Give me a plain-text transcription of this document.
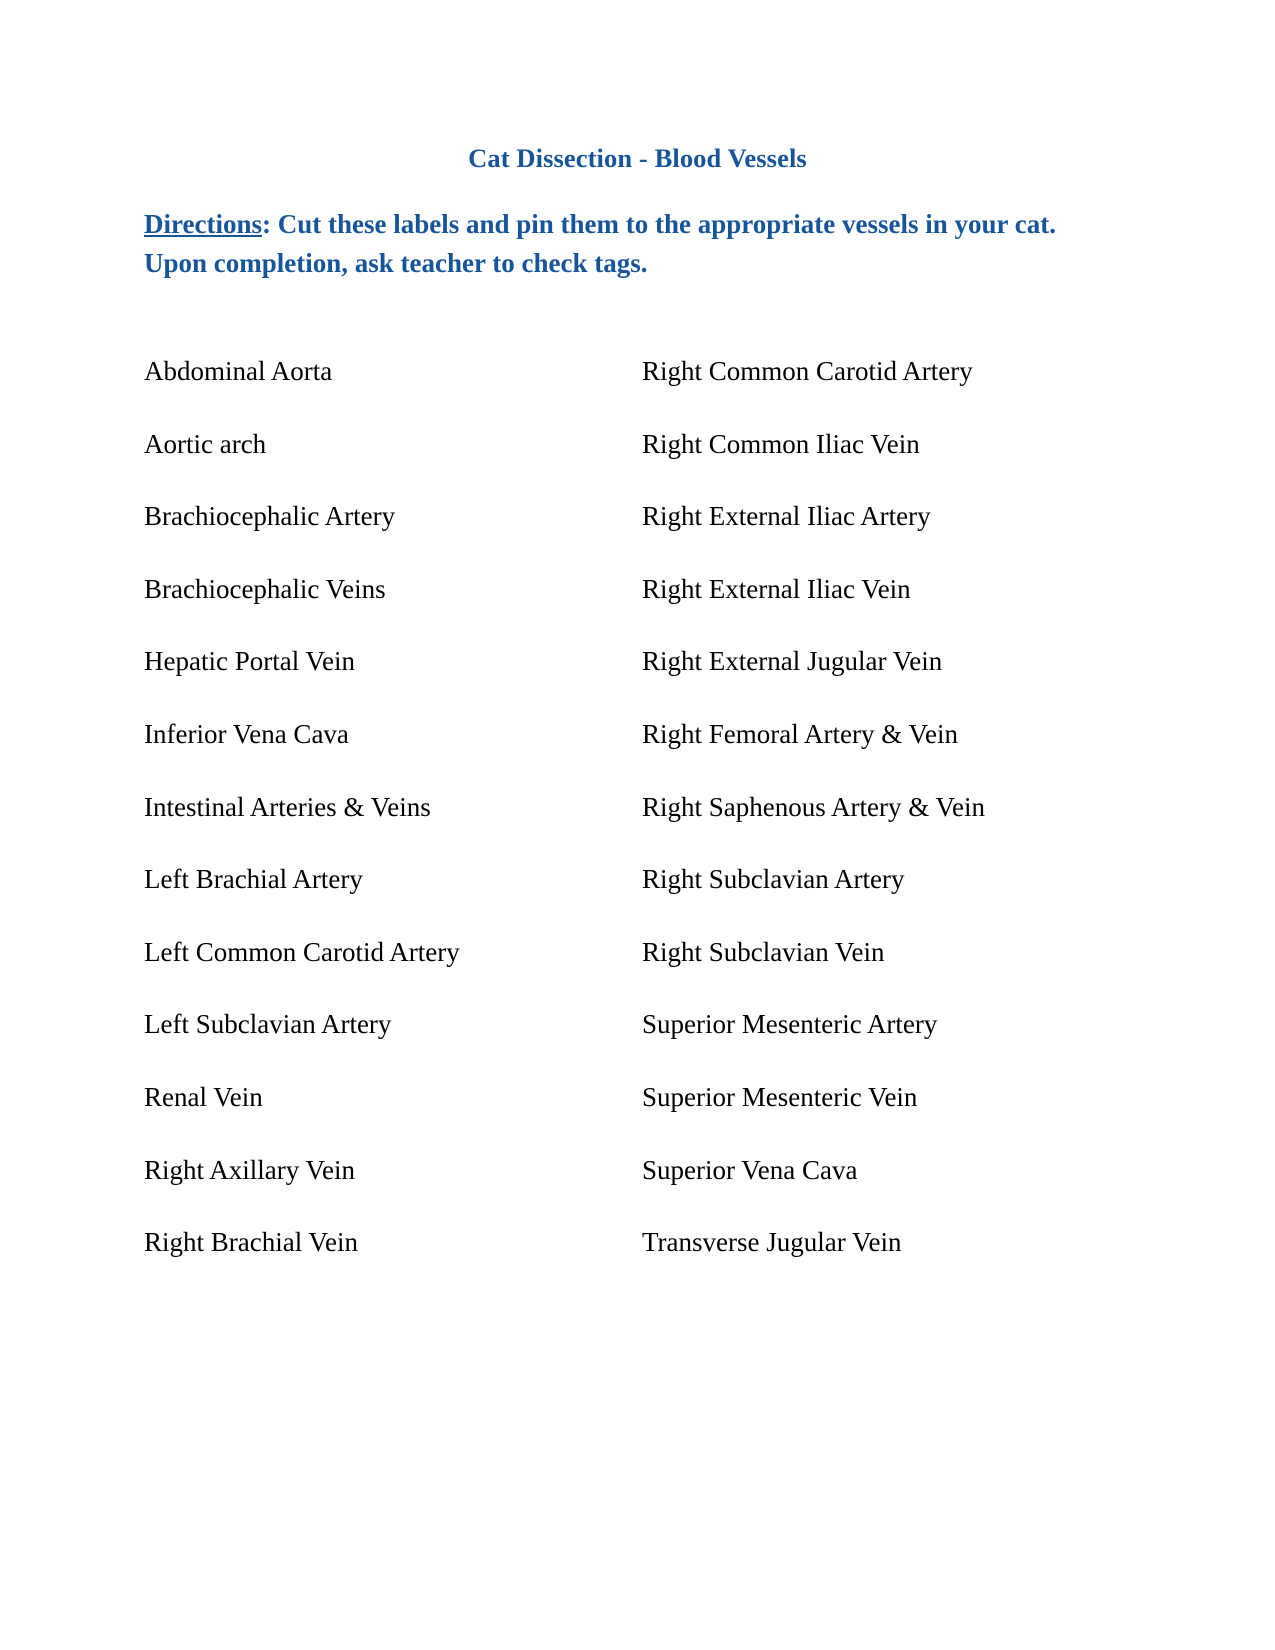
Cat Dissection - Blood Vessels
Directions: Cut these labels and pin them to the appropriate vessels in your cat. Upon completion, ask teacher to check tags.
Abdominal Aorta
Aortic arch
Brachiocephalic Artery
Brachiocephalic Veins
Hepatic Portal Vein
Inferior Vena Cava
Intestinal Arteries & Veins
Left Brachial Artery
Left Common Carotid Artery
Left Subclavian Artery
Renal Vein
Right Axillary Vein
Right Brachial Vein
Right Common Carotid Artery
Right Common Iliac Vein
Right External Iliac Artery
Right External Iliac Vein
Right External Jugular Vein
Right Femoral Artery & Vein
Right Saphenous Artery & Vein
Right Subclavian Artery
Right Subclavian Vein
Superior Mesenteric Artery
Superior Mesenteric Vein
Superior Vena Cava
Transverse Jugular Vein
